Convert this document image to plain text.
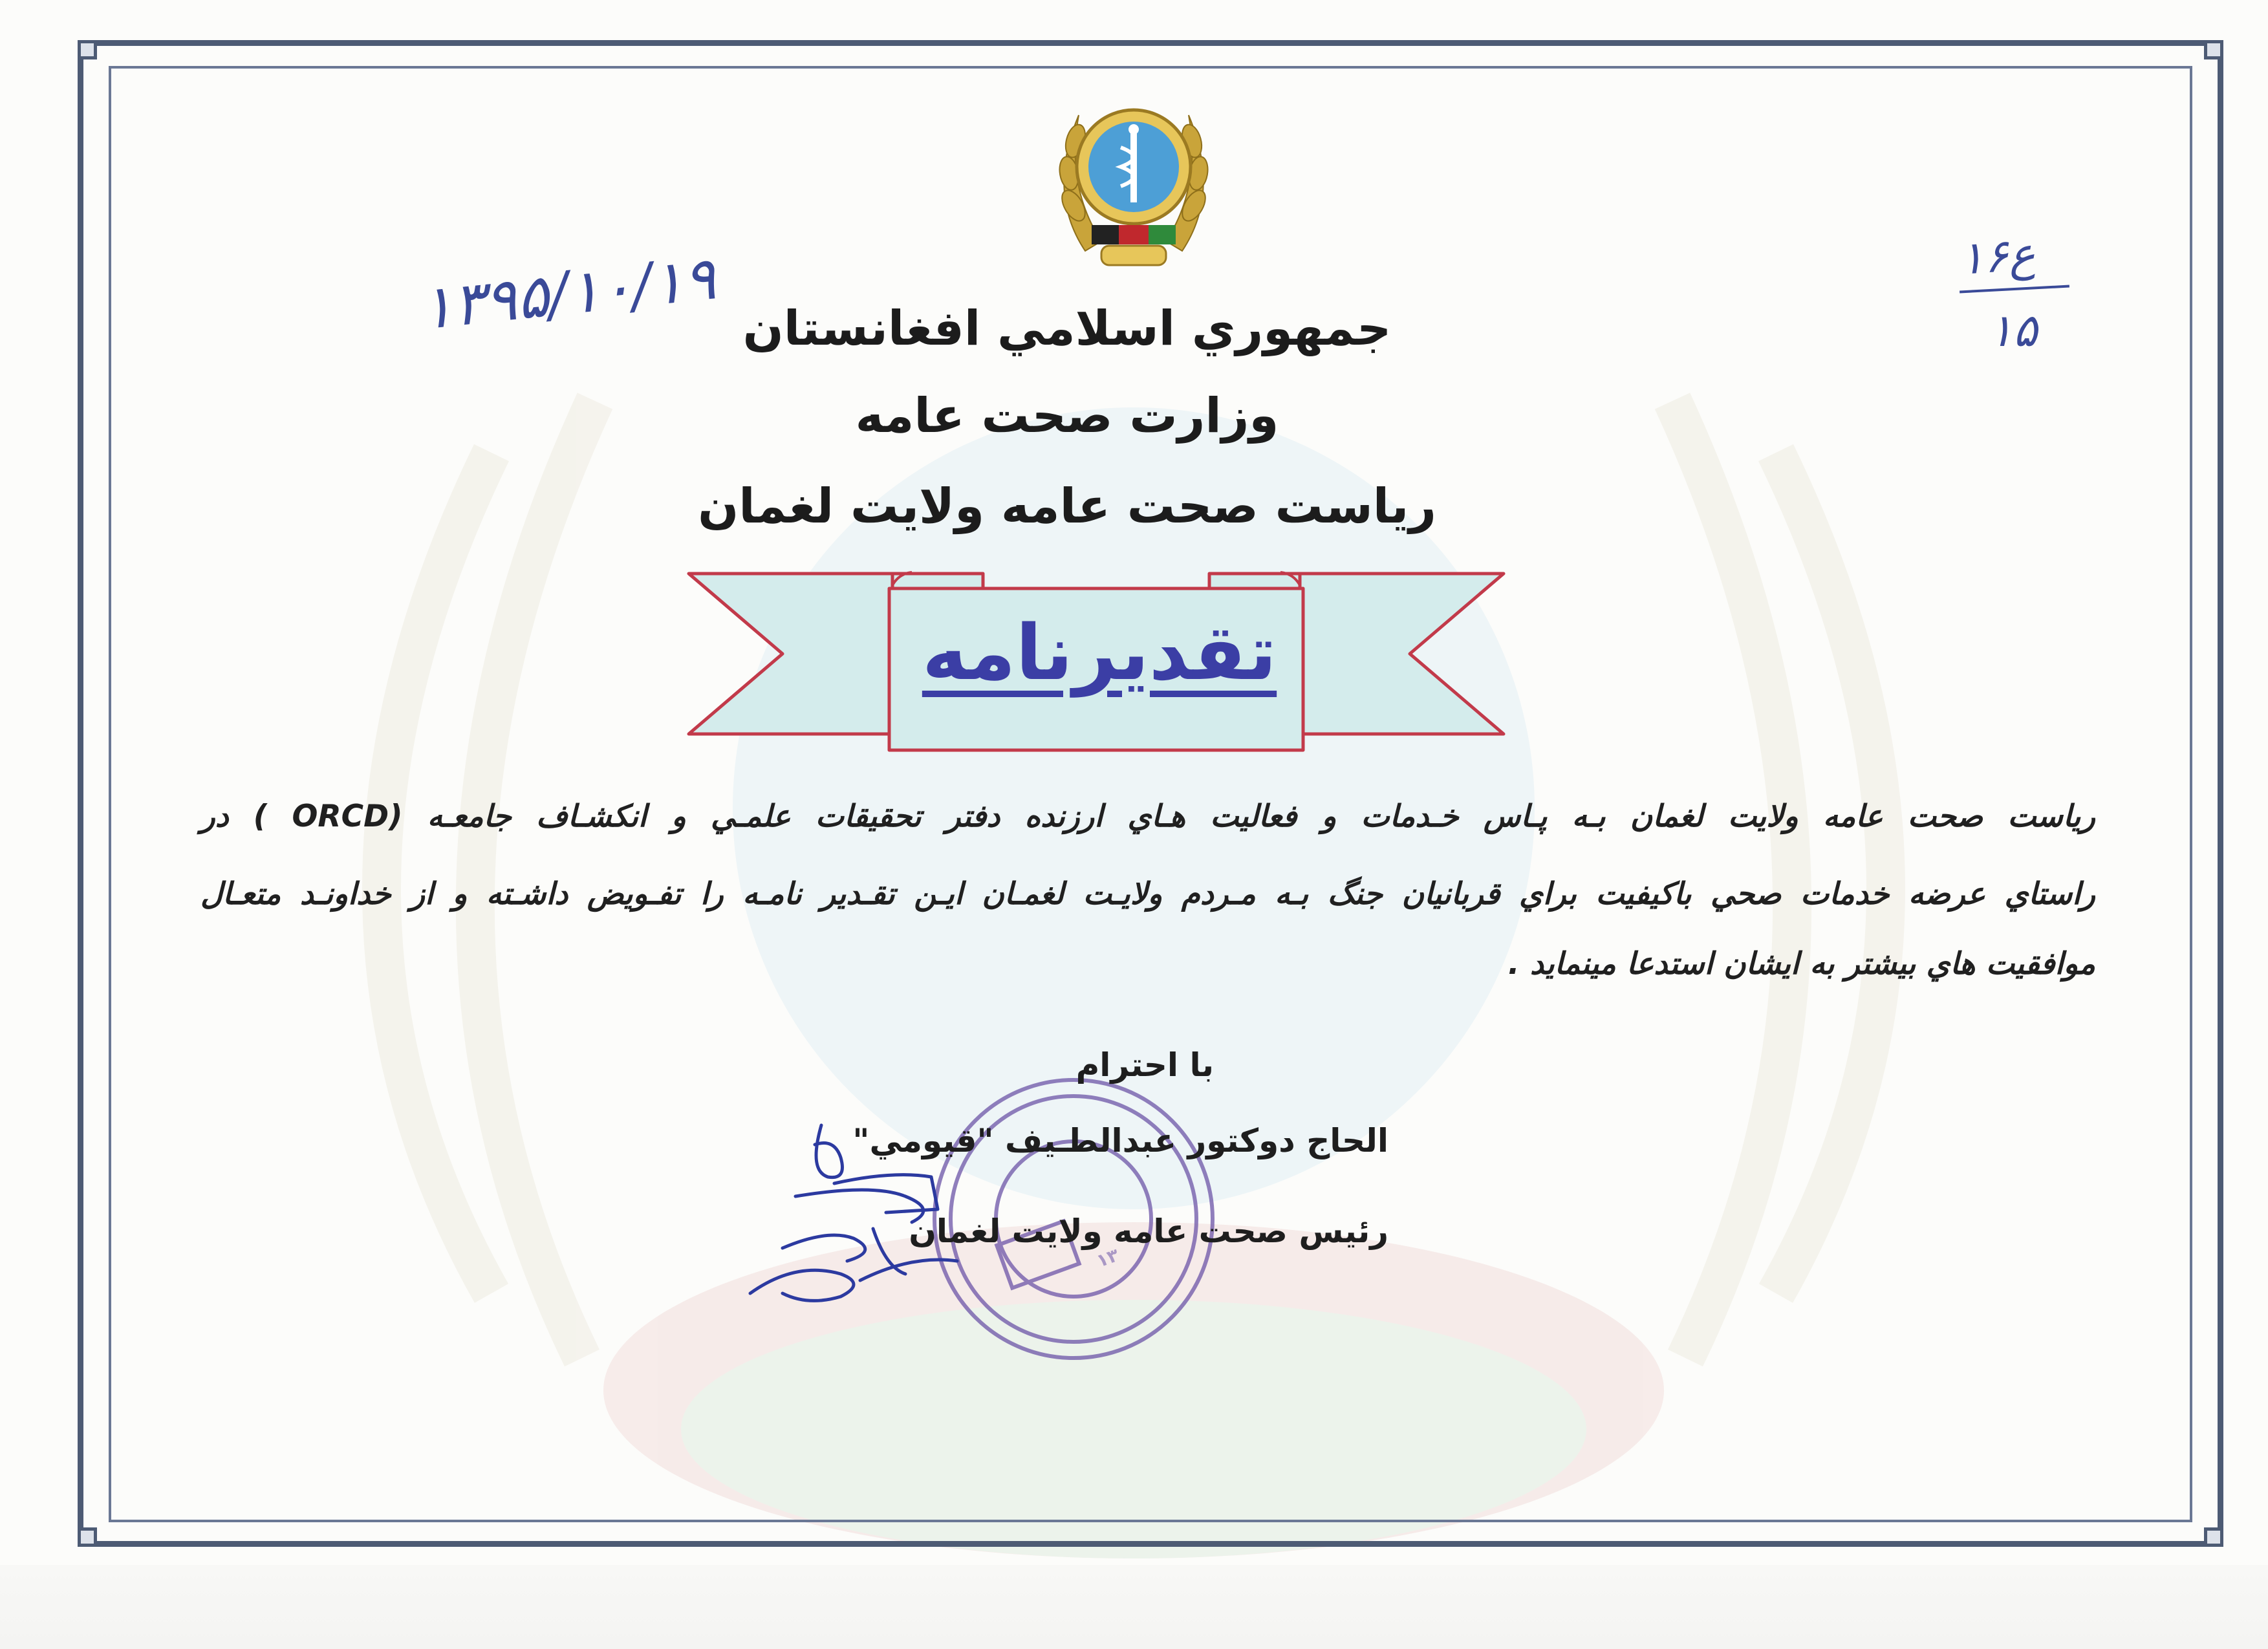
۱۳۹۵/۱۰/۱۹	۱۶ع
۱۵
جمهوري اسلامي افغانستان
وزارت صحت عامه
رياست صحت عامه ولايت لغمان
تقديرنامه
رياست صحت عامه ولايت لغمان بـه پـاس خـدمات و فعاليت هـاي ارزنده دفتر تحقيقات علمـي و انكشـاف جامعـه (ORCD ) در
راستاي عرضه خدمات صحي باكيفيت براي قربانيان جنگ بـه مـردم ولايـت لغمـان ايـن تقـدير نامـه را تفـويض داشـته و از خداونـد متعـال
موافقيت هاي بيشتر به ايشان استدعا مينمايد .
۱۳
با احترام
الحاج دوكتور عبدالطـيف "قيومي"
رئيس صحت عامه ولايت لغمان
